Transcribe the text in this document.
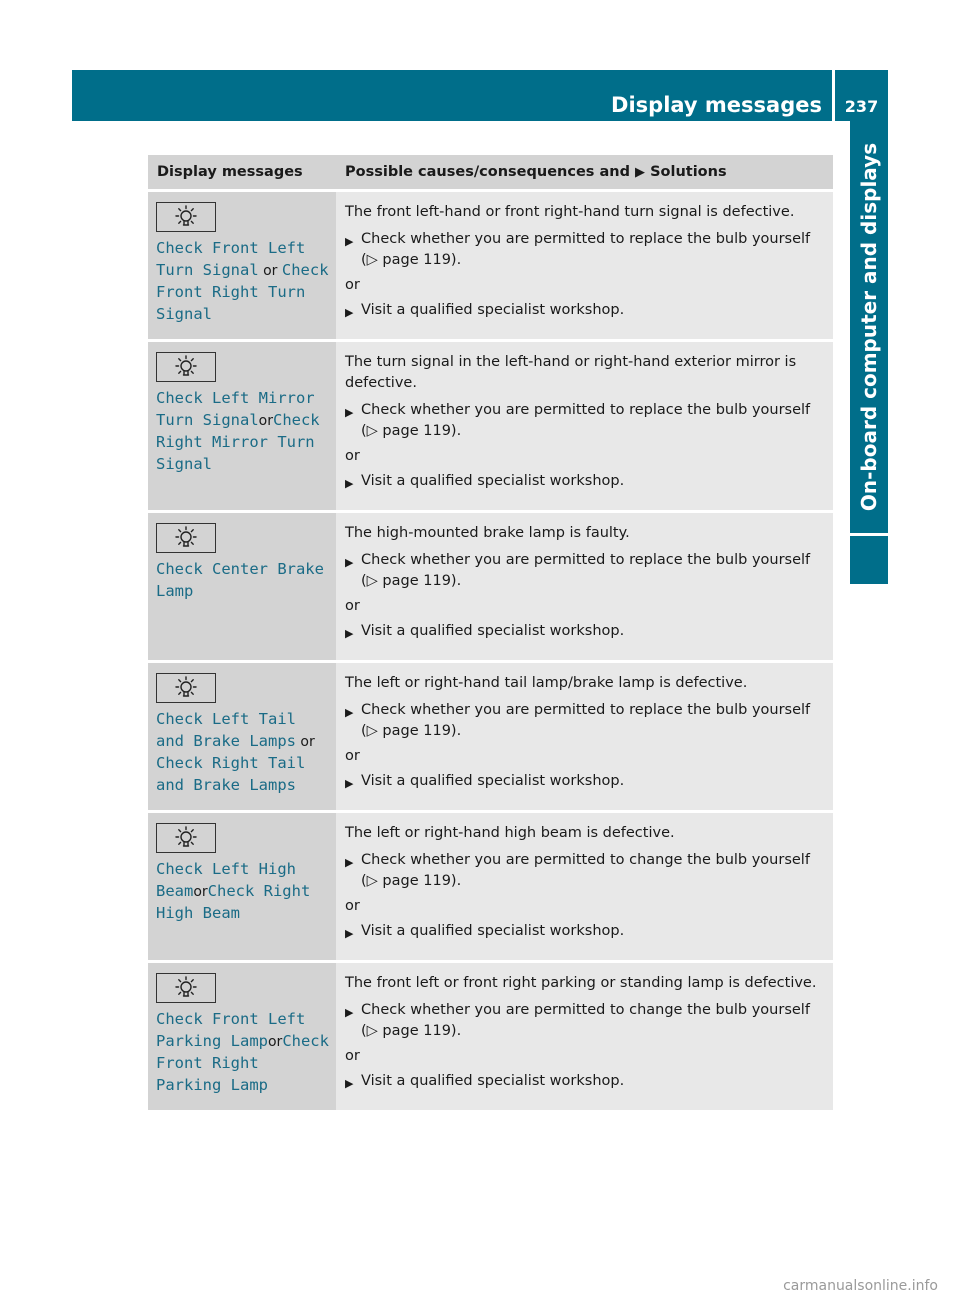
Display messages	237
On-board computer and displays
Display messages	Possible causes/consequences and ▶ Solutions
Check Front Left Turn Signal or Check Front Right Turn Signal

The front left-hand or front right-hand turn signal is defective.

▶ Check whether you are permitted to replace the bulb yourself
(▷ page 119).

or

▶ Visit a qualified specialist workshop.
Check Left Mirror Turn SignalorCheck Right Mirror Turn Signal

The turn signal in the left-hand or right-hand exterior mirror is defective.

▶ Check whether you are permitted to replace the bulb yourself
(▷ page 119).

or

▶ Visit a qualified specialist workshop.
Check Center Brake Lamp

The high-mounted brake lamp is faulty.

▶ Check whether you are permitted to replace the bulb yourself
(▷ page 119).

or

▶ Visit a qualified specialist workshop.
Check Left Tail and Brake Lamps or Check Right Tail and Brake Lamps

The left or right-hand tail lamp/brake lamp is defective.

▶ Check whether you are permitted to replace the bulb yourself
(▷ page 119).

or

▶ Visit a qualified specialist workshop.
Check Left High BeamorCheck Right High Beam

The left or right-hand high beam is defective.

▶ Check whether you are permitted to change the bulb yourself
(▷ page 119).

or

▶ Visit a qualified specialist workshop.
Check Front Left Parking LamporCheck Front Right Parking Lamp

The front left or front right parking or standing lamp is defective.

▶ Check whether you are permitted to change the bulb yourself
(▷ page 119).

or

▶ Visit a qualified specialist workshop.
carmanualsonline.info
